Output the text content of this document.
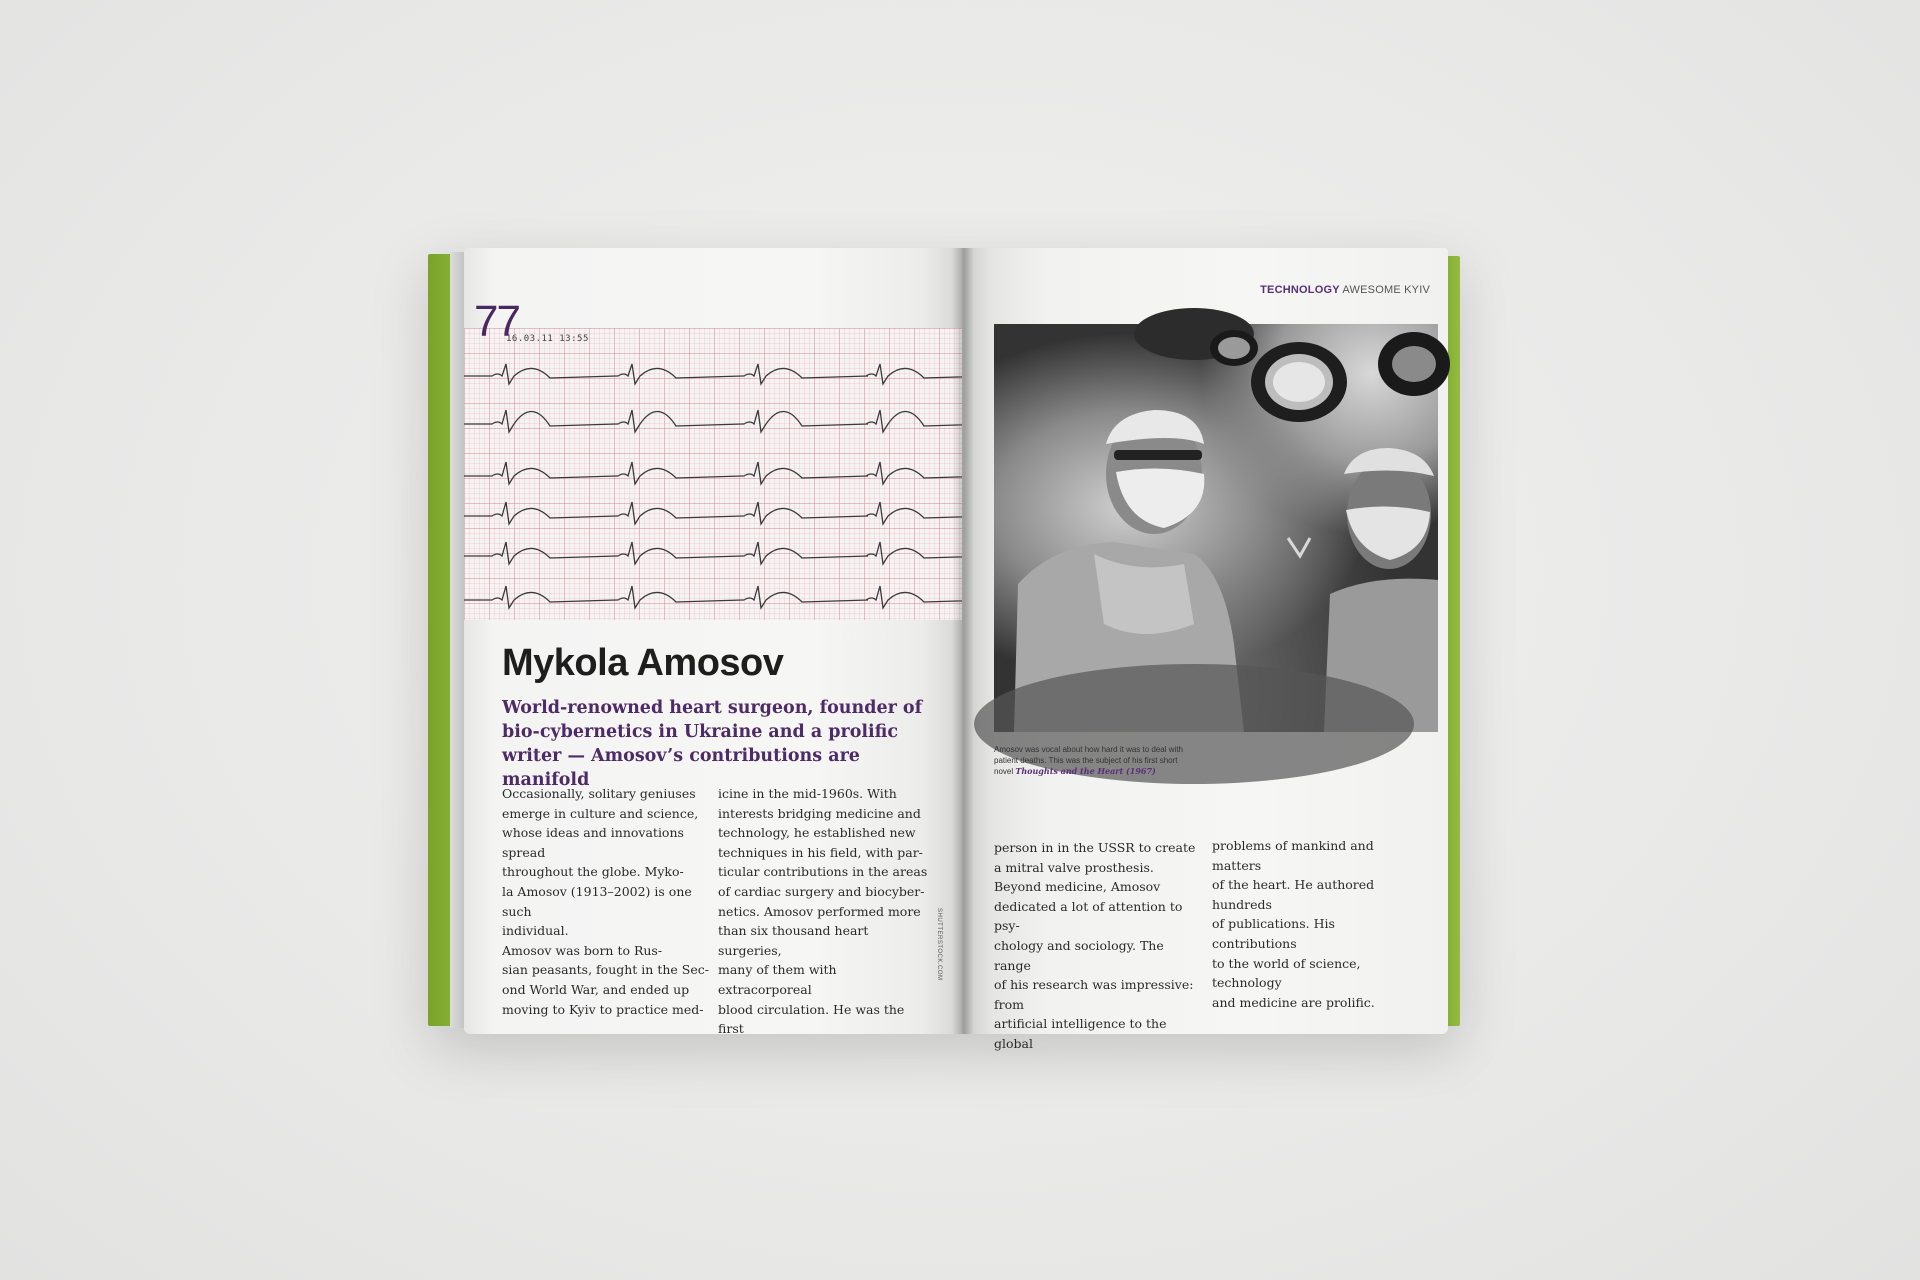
16.03.11 13:55
77
Mykola Amosov

World-renowned heart surgeon, founder of bio-cybernetics in Ukraine and a prolific writer — Amosov’s contributions are manifold

Occasionally, solitary geniuses
emerge in culture and science,
whose ideas and innovations spread
throughout the globe. Myko-
la Amosov (1913–2002) is one such
individual.
Amosov was born to Rus-
sian peasants, fought in the Sec-
ond World War, and ended up
moving to Kyiv to practice med-

icine in the mid-1960s. With
interests bridging medicine and
technology, he established new
techniques in his field, with par-
ticular contributions in the areas
of cardiac surgery and biocyber-
netics. Amosov performed more
than six thousand heart surgeries,
many of them with extracorporeal
blood circulation. He was the first

SHUTTERSTOCK.COM
TECHNOLOGY AWESOME KYIV

Amosov was vocal about how hard it was to deal with patient deaths. This was the subject of his first short novel Thoughts and the Heart (1967)

person in in the USSR to create
a mitral valve prosthesis.
Beyond medicine, Amosov
dedicated a lot of attention to psy-
chology and sociology. The range
of his research was impressive: from
artificial intelligence to the global

problems of mankind and matters
of the heart. He authored hundreds
of publications. His contributions
to the world of science, technology
and medicine are prolific.
